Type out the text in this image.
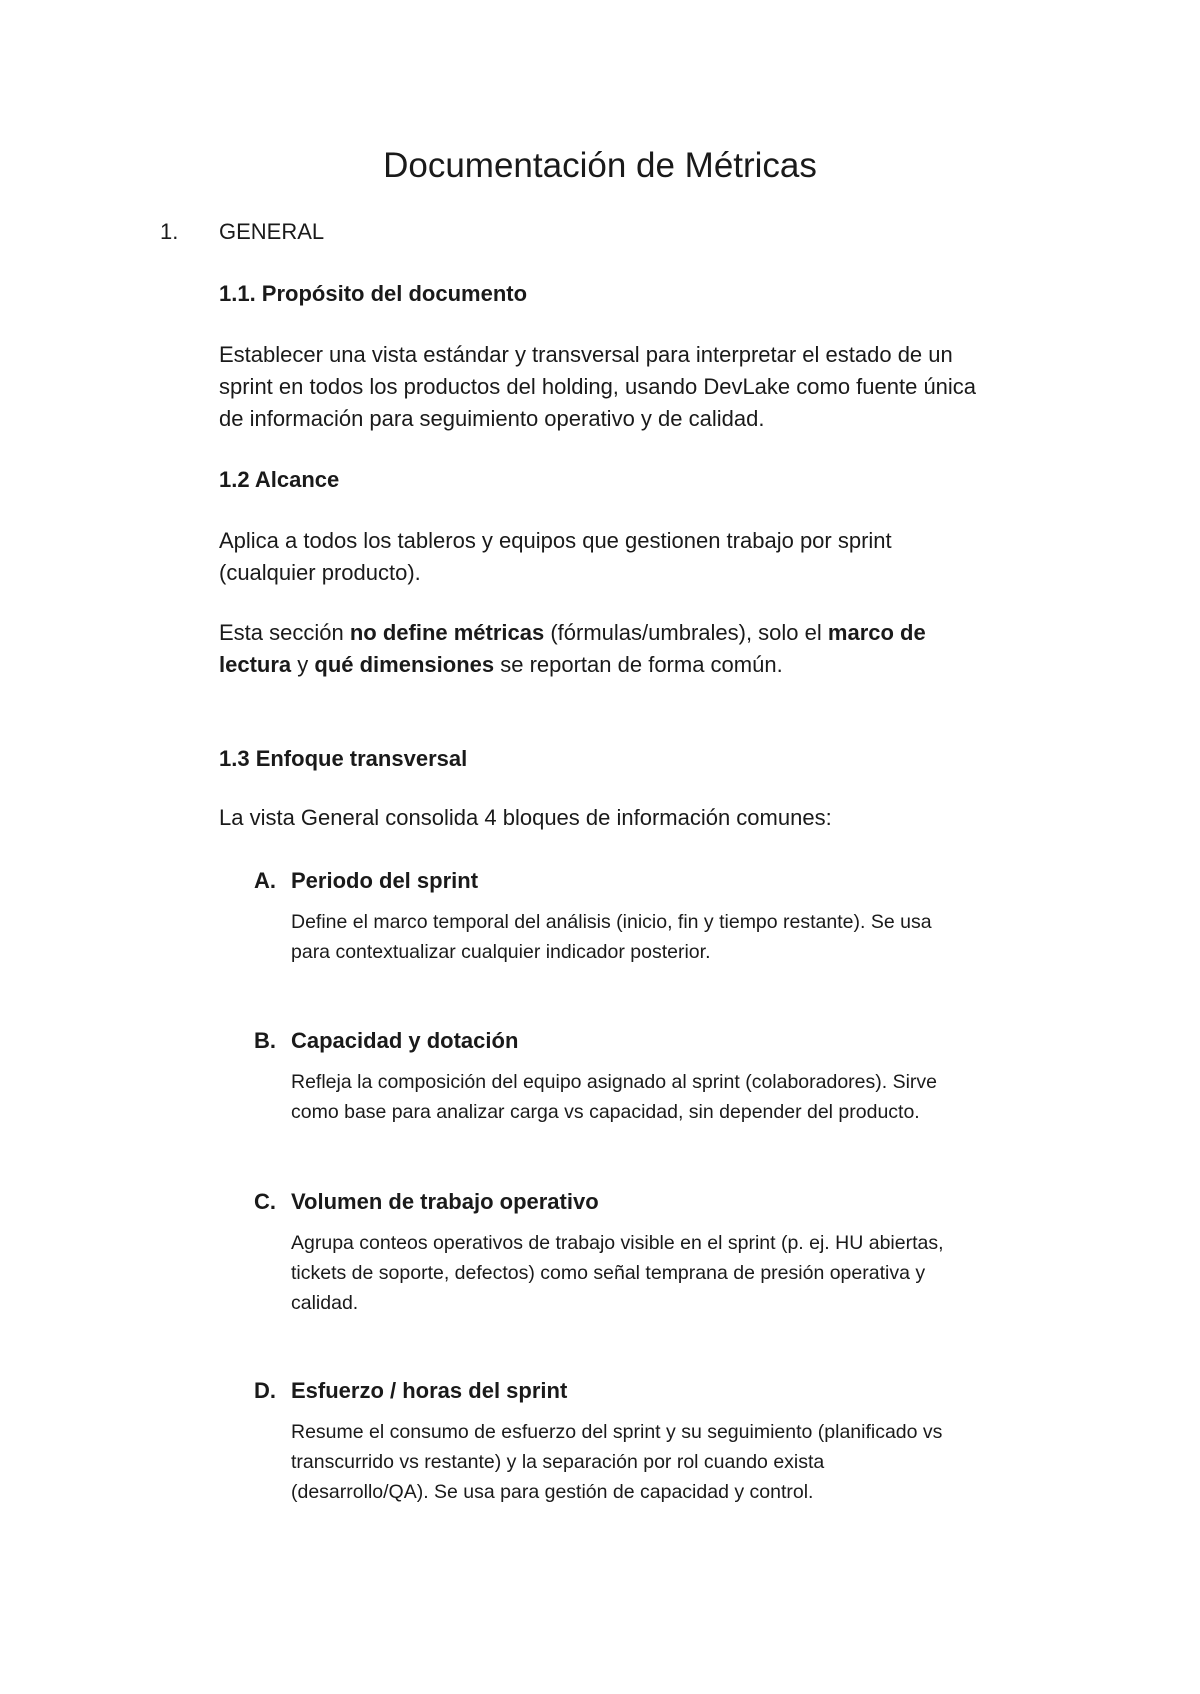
Documentación de Métricas
1. GENERAL
1.1. Propósito del documento

Establecer una vista estándar y transversal para interpretar el estado de un
sprint en todos los productos del holding, usando DevLake como fuente única
de información para seguimiento operativo y de calidad.

1.2 Alcance

Aplica a todos los tableros y equipos que gestionen trabajo por sprint
(cualquier producto).

Esta sección no define métricas (fórmulas/umbrales), solo el marco de
lectura y qué dimensiones se reportan de forma común.

1.3 Enfoque transversal

La vista General consolida 4 bloques de información comunes:

A. Periodo del sprint

Define el marco temporal del análisis (inicio, fin y tiempo restante). Se usa
para contextualizar cualquier indicador posterior.

B. Capacidad y dotación

Refleja la composición del equipo asignado al sprint (colaboradores). Sirve
como base para analizar carga vs capacidad, sin depender del producto.

C. Volumen de trabajo operativo

Agrupa conteos operativos de trabajo visible en el sprint (p. ej. HU abiertas,
tickets de soporte, defectos) como señal temprana de presión operativa y
calidad.

D. Esfuerzo / horas del sprint

Resume el consumo de esfuerzo del sprint y su seguimiento (planificado vs
transcurrido vs restante) y la separación por rol cuando exista
(desarrollo/QA). Se usa para gestión de capacidad y control.
